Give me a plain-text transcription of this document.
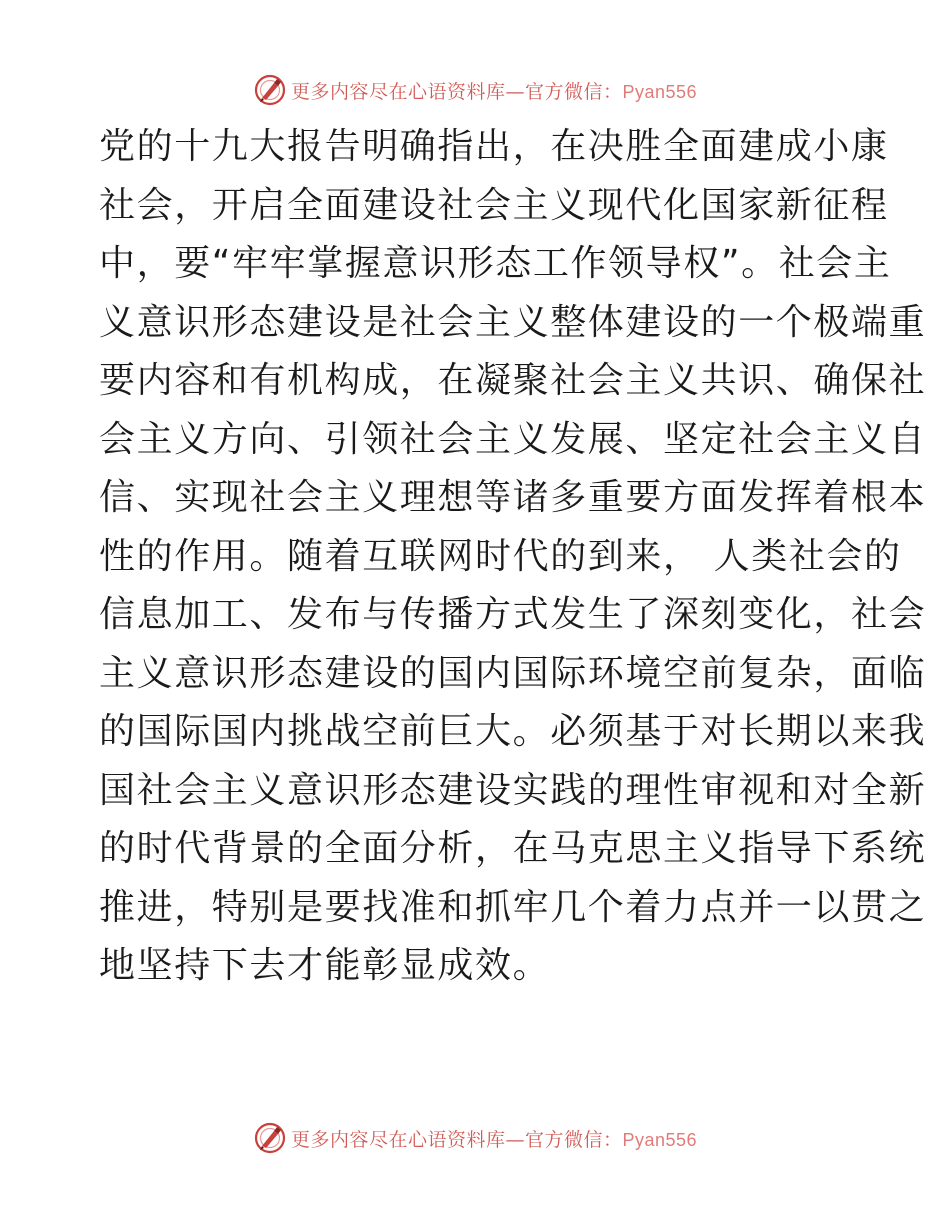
更多内容尽在心语资料库—官方微信：Pyan556
党的十九大报告明确指出，在决胜全面建成小康
社会，开启全面建设社会主义现代化国家新征程
中，要“牢牢掌握意识形态工作领导权”。社会主
义意识形态建设是社会主义整体建设的一个极端重
要内容和有机构成，在凝聚社会主义共识、确保社
会主义方向、引领社会主义发展、坚定社会主义自
信、实现社会主义理想等诸多重要方面发挥着根本
性的作用。随着互联网时代的到来， 人类社会的
信息加工、发布与传播方式发生了深刻变化，社会
主义意识形态建设的国内国际环境空前复杂，面临
的国际国内挑战空前巨大。必须基于对长期以来我
国社会主义意识形态建设实践的理性审视和对全新
的时代背景的全面分析，在马克思主义指导下系统
推进，特别是要找准和抓牢几个着力点并一以贯之
地坚持下去才能彰显成效。
更多内容尽在心语资料库—官方微信：Pyan556
